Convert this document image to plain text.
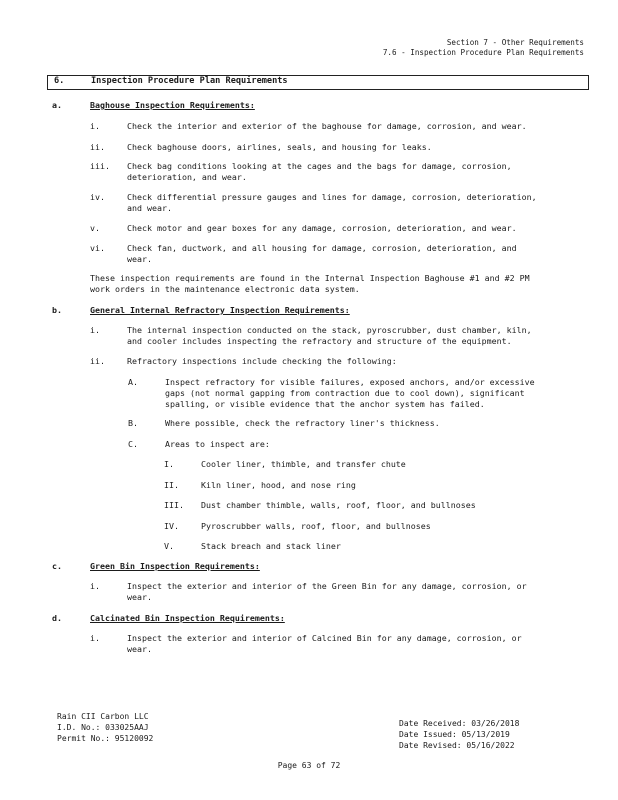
Section 7 - Other Requirements
7.6 - Inspection Procedure Plan Requirements
6.	Inspection Procedure Plan Requirements
a.	Baghouse Inspection Requirements:
i.	Check the interior and exterior of the baghouse for damage, corrosion, and wear.
ii.	Check baghouse doors, airlines, seals, and housing for leaks.
iii. Check bag conditions looking at the cages and the bags for damage, corrosion,
deterioration, and wear.
iv.	Check differential pressure gauges and lines for damage, corrosion, deterioration,
and wear.
v.	Check motor and gear boxes for any damage, corrosion, deterioration, and wear.
vi.	Check fan, ductwork, and all housing for damage, corrosion, deterioration, and
wear.
These inspection requirements are found in the Internal Inspection Baghouse #1 and #2 PM
work orders in the maintenance electronic data system.
b.	General Internal Refractory Inspection Requirements:
i.	The internal inspection conducted on the stack, pyroscrubber, dust chamber, kiln,
and cooler includes inspecting the refractory and structure of the equipment.
ii.	Refractory inspections include checking the following:
A.	Inspect refractory for visible failures, exposed anchors, and/or excessive
gaps (not normal gapping from contraction due to cool down), significant
spalling, or visible evidence that the anchor system has failed.
B.	Where possible, check the refractory liner's thickness.
C.	Areas to inspect are:
I.	Cooler liner, thimble, and transfer chute
II.	Kiln liner, hood, and nose ring
III.	Dust chamber thimble, walls, roof, floor, and bullnoses
IV.	Pyroscrubber walls, roof, floor, and bullnoses
V.	Stack breach and stack liner
c.	Green Bin Inspection Requirements:
i.	Inspect the exterior and interior of the Green Bin for any damage, corrosion, or
wear.
d.	Calcinated Bin Inspection Requirements:
i.	Inspect the exterior and interior of Calcined Bin for any damage, corrosion, or
wear.
Rain CII Carbon LLC
I.D. No.: 033025AAJ
Permit No.: 95120092
Date Received: 03/26/2018
Date Issued: 05/13/2019
Date Revised: 05/16/2022
Page 63 of 72
